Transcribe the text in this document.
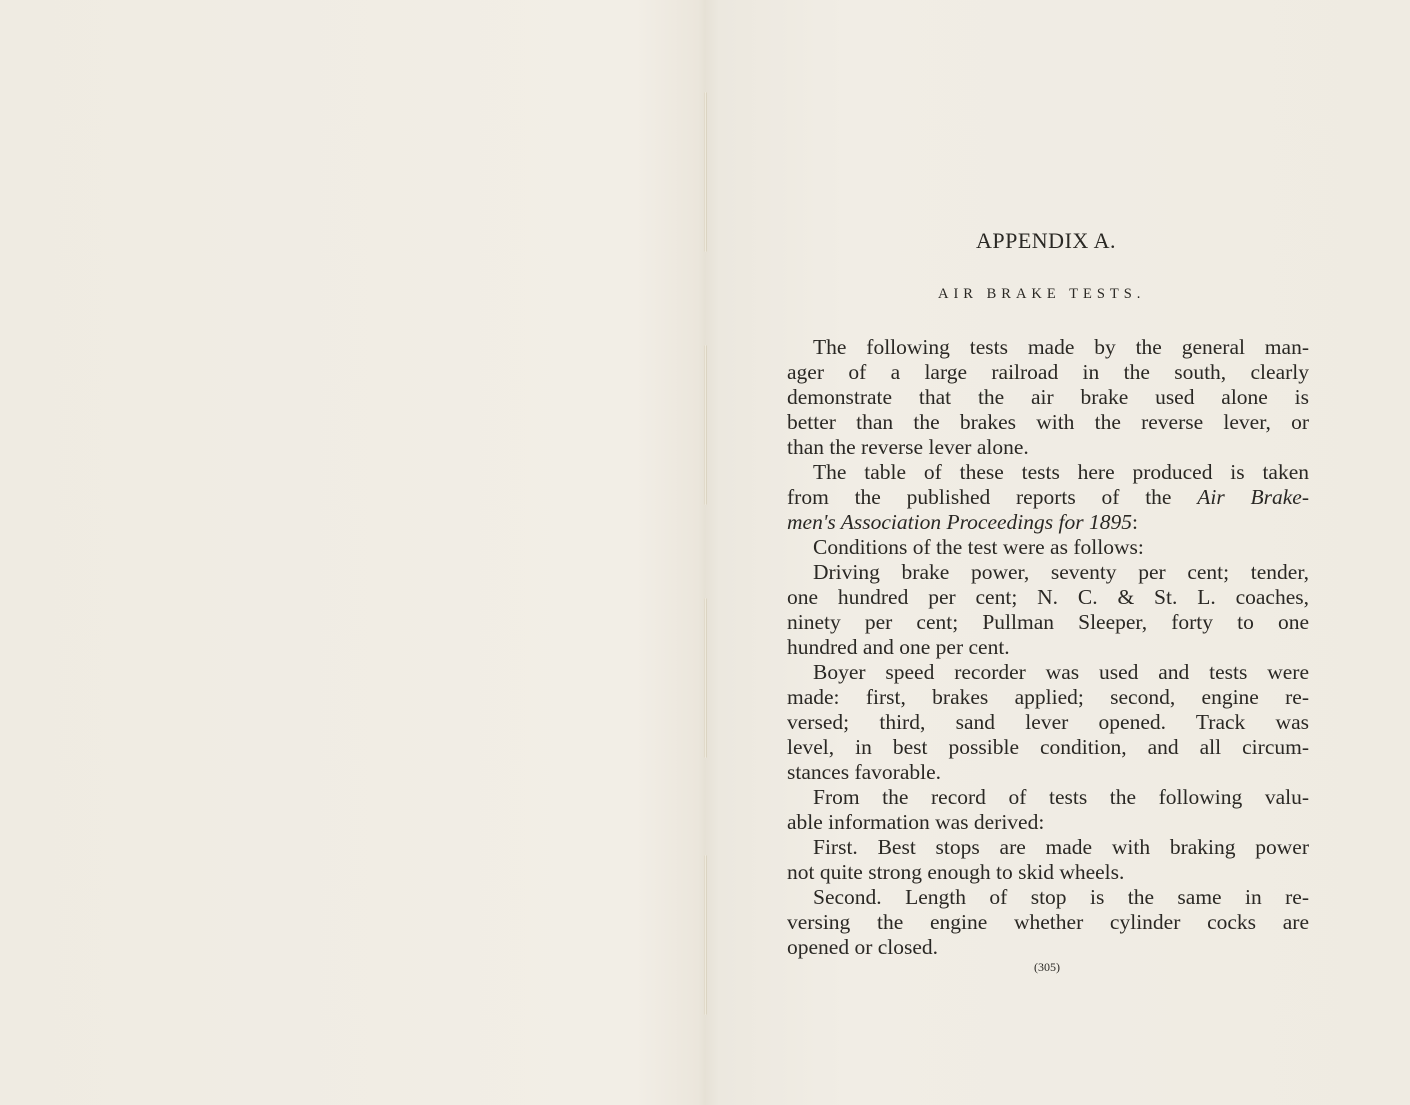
APPENDIX A.
AIR BRAKE TESTS.
The following tests made by the general man-
ager of a large railroad in the south, clearly
demonstrate that the air brake used alone is
better than the brakes with the reverse lever, or
than the reverse lever alone.
The table of these tests here produced is taken
from the published reports of the Air Brake-
men's Association Proceedings for 1895:
Conditions of the test were as follows:
Driving brake power, seventy per cent; tender,
one hundred per cent; N. C. & St. L. coaches,
ninety per cent; Pullman Sleeper, forty to one
hundred and one per cent.
Boyer speed recorder was used and tests were
made: first, brakes applied; second, engine re-
versed; third, sand lever opened. Track was
level, in best possible condition, and all circum-
stances favorable.
From the record of tests the following valu-
able information was derived:
First. Best stops are made with braking power
not quite strong enough to skid wheels.
Second. Length of stop is the same in re-
versing the engine whether cylinder cocks are
opened or closed.
(305)
